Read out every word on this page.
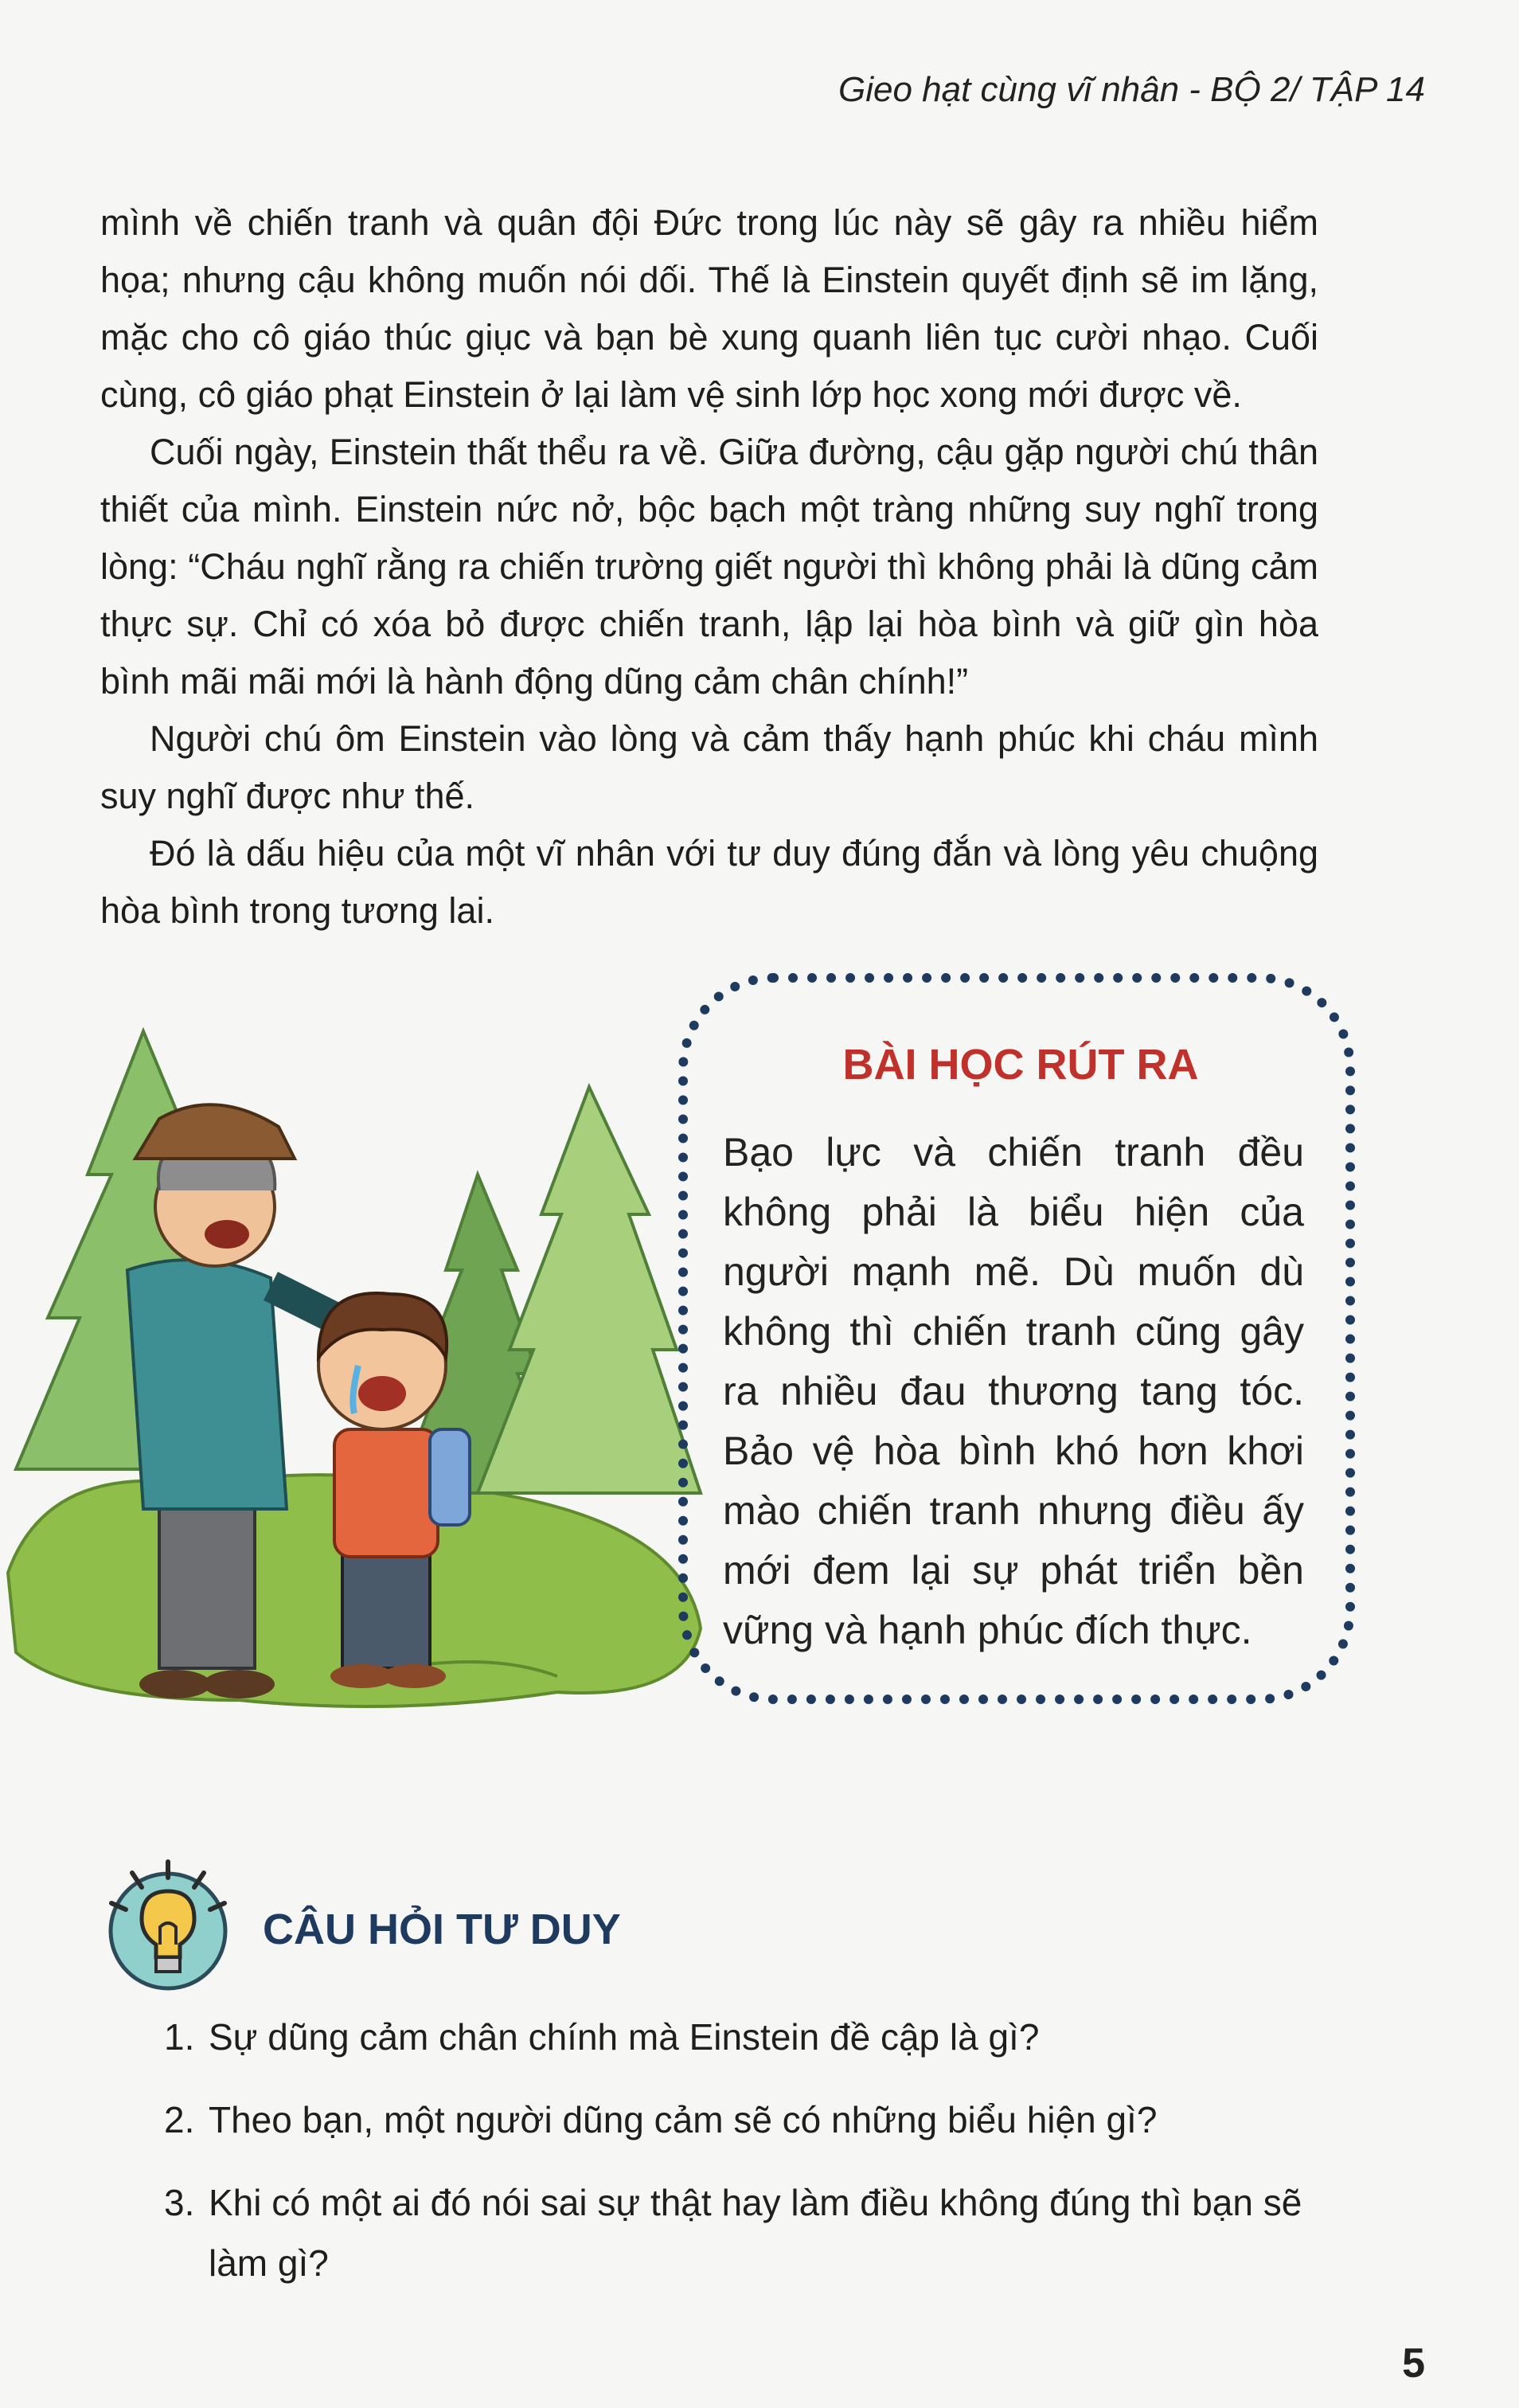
Gieo hạt cùng vĩ nhân - BỘ 2/ TẬP 14

mình về chiến tranh và quân đội Đức trong lúc này sẽ gây ra nhiều hiểm họa; nhưng cậu không muốn nói dối. Thế là Einstein quyết định sẽ im lặng, mặc cho cô giáo thúc giục và bạn bè xung quanh liên tục cười nhạo. Cuối cùng, cô giáo phạt Einstein ở lại làm vệ sinh lớp học xong mới được về.

Cuối ngày, Einstein thất thểu ra về. Giữa đường, cậu gặp người chú thân thiết của mình. Einstein nức nở, bộc bạch một tràng những suy nghĩ trong lòng: “Cháu nghĩ rằng ra chiến trường giết người thì không phải là dũng cảm thực sự. Chỉ có xóa bỏ được chiến tranh, lập lại hòa bình và giữ gìn hòa bình mãi mãi mới là hành động dũng cảm chân chính!”

Người chú ôm Einstein vào lòng và cảm thấy hạnh phúc khi cháu mình suy nghĩ được như thế.

Đó là dấu hiệu của một vĩ nhân với tư duy đúng đắn và lòng yêu chuộng hòa bình trong tương lai.

BÀI HỌC RÚT RA
Bạo lực và chiến tranh đều không phải là biểu hiện của người mạnh mẽ. Dù muốn dù không thì chiến tranh cũng gây ra nhiều đau thương tang tóc. Bảo vệ hòa bình khó hơn khơi mào chiến tranh nhưng điều ấy mới đem lại sự phát triển bền vững và hạnh phúc đích thực.
CÂU HỎI TƯ DUY
1. Sự dũng cảm chân chính mà Einstein đề cập là gì?
2. Theo bạn, một người dũng cảm sẽ có những biểu hiện gì?
3. Khi có một ai đó nói sai sự thật hay làm điều không đúng thì bạn sẽ làm gì?
5
